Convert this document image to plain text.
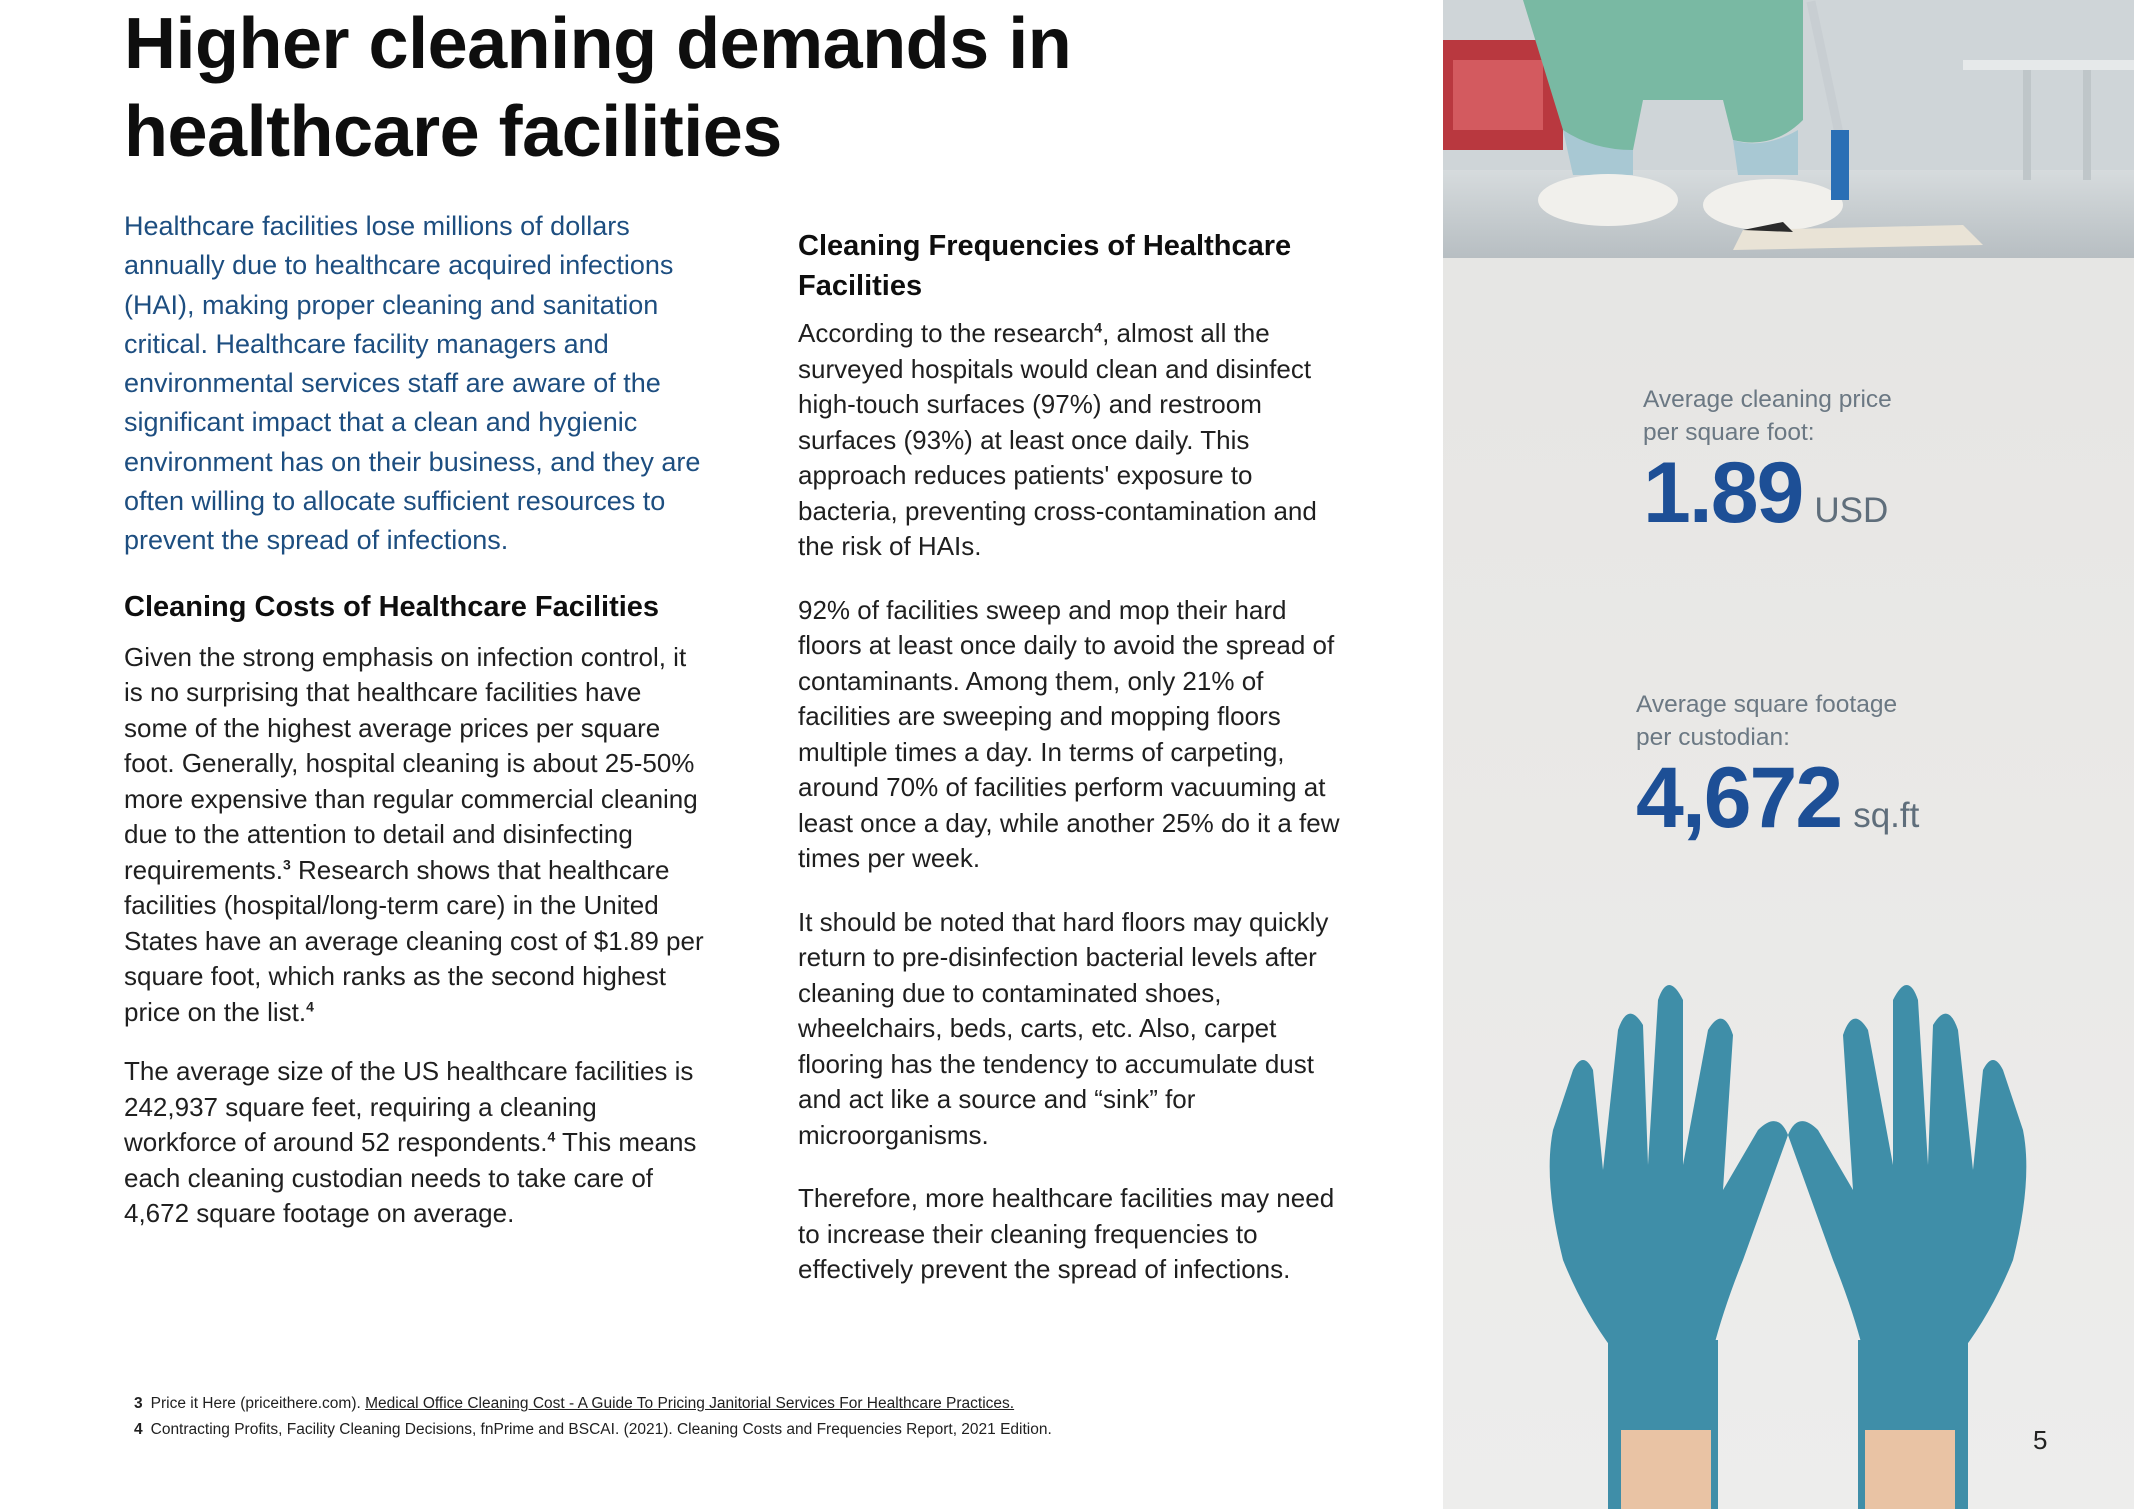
Higher cleaning demands in
healthcare facilities

Healthcare facilities lose millions of dollars
annually due to healthcare acquired infections
(HAI), making proper cleaning and sanitation
critical. Healthcare facility managers and
environmental services staff are aware of the
significant impact that a clean and hygienic
environment has on their business, and they are
often willing to allocate sufficient resources to
prevent the spread of infections.

Cleaning Costs of Healthcare Facilities

Given the strong emphasis on infection control, it
is no surprising that healthcare facilities have
some of the highest average prices per square
foot. Generally, hospital cleaning is about 25-50%
more expensive than regular commercial cleaning
due to the attention to detail and disinfecting
requirements.$^3$ Research shows that healthcare
facilities (hospital/long-term care) in the United
States have an average cleaning cost of $1.89 per
square foot, which ranks as the second highest
price on the list.$^4$

The average size of the US healthcare facilities is
242,937 square feet, requiring a cleaning
workforce of around 52 respondents.$^4$ This means
each cleaning custodian needs to take care of
4,672 square footage on average.

Cleaning Frequencies of Healthcare
Facilities

According to the research$^4$, almost all the
surveyed hospitals would clean and disinfect
high-touch surfaces (97%) and restroom
surfaces (93%) at least once daily. This
approach reduces patients' exposure to
bacteria, preventing cross-contamination and
the risk of HAIs.

92% of facilities sweep and mop their hard
floors at least once daily to avoid the spread of
contaminants. Among them, only 21% of
facilities are sweeping and mopping floors
multiple times a day. In terms of carpeting,
around 70% of facilities perform vacuuming at
least once a day, while another 25% do it a few
times per week.

It should be noted that hard floors may quickly
return to pre-disinfection bacterial levels after
cleaning due to contaminated shoes,
wheelchairs, beds, carts, etc. Also, carpet
flooring has the tendency to accumulate dust
and act like a source and “sink” for
microorganisms.

Therefore, more healthcare facilities may need
to increase their cleaning frequencies to
effectively prevent the spread of infections.

3 Price it Here (priceithere.com). Medical Office Cleaning Cost - A Guide To Pricing Janitorial Services For Healthcare Practices.
4 Contracting Profits, Facility Cleaning Decisions, fnPrime and BSCAI. (2021). Cleaning Costs and Frequencies Report, 2021 Edition.

Average cleaning price
per square foot:

1.89 USD

Average square footage
per custodian:

4,672 sq.ft
5
